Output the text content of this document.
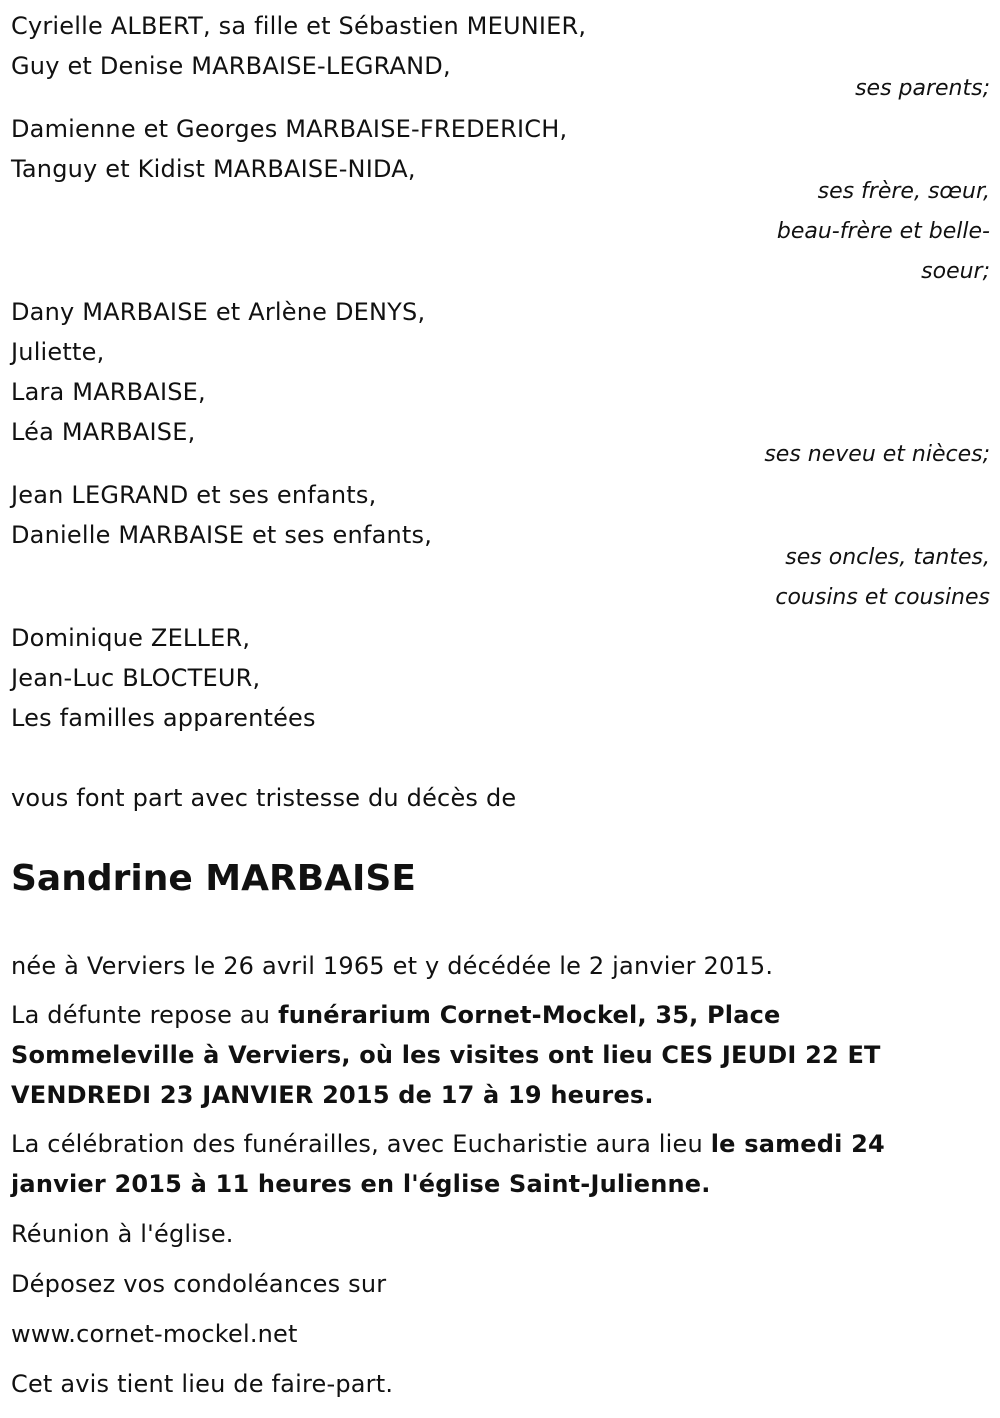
Cyrielle ALBERT, sa fille et Sébastien MEUNIER,
Guy et Denise MARBAISE-LEGRAND,
ses parents;
Damienne et Georges MARBAISE-FREDERICH,
Tanguy et Kidist MARBAISE-NIDA,
ses frère, sœur,
beau-frère et belle-
soeur;
Dany MARBAISE et Arlène DENYS,
Juliette,
Lara MARBAISE,
Léa MARBAISE,
ses neveu et nièces;
Jean LEGRAND et ses enfants,
Danielle MARBAISE et ses enfants,
ses oncles, tantes,
cousins et cousines
Dominique ZELLER,
Jean-Luc BLOCTEUR,
Les familles apparentées
vous font part avec tristesse du décès de
Sandrine MARBAISE
née à Verviers le 26 avril 1965 et y décédée le 2 janvier 2015.
La défunte repose au funérarium Cornet-Mockel, 35, Place Sommeleville à Verviers, où les visites ont lieu CES JEUDI 22 ET VENDREDI 23 JANVIER 2015 de 17 à 19 heures.
La célébration des funérailles, avec Eucharistie aura lieu le samedi 24 janvier 2015 à 11 heures en l'église Saint-Julienne.
Réunion à l'église.
Déposez vos condoléances sur
www.cornet-mockel.net
Cet avis tient lieu de faire-part.
